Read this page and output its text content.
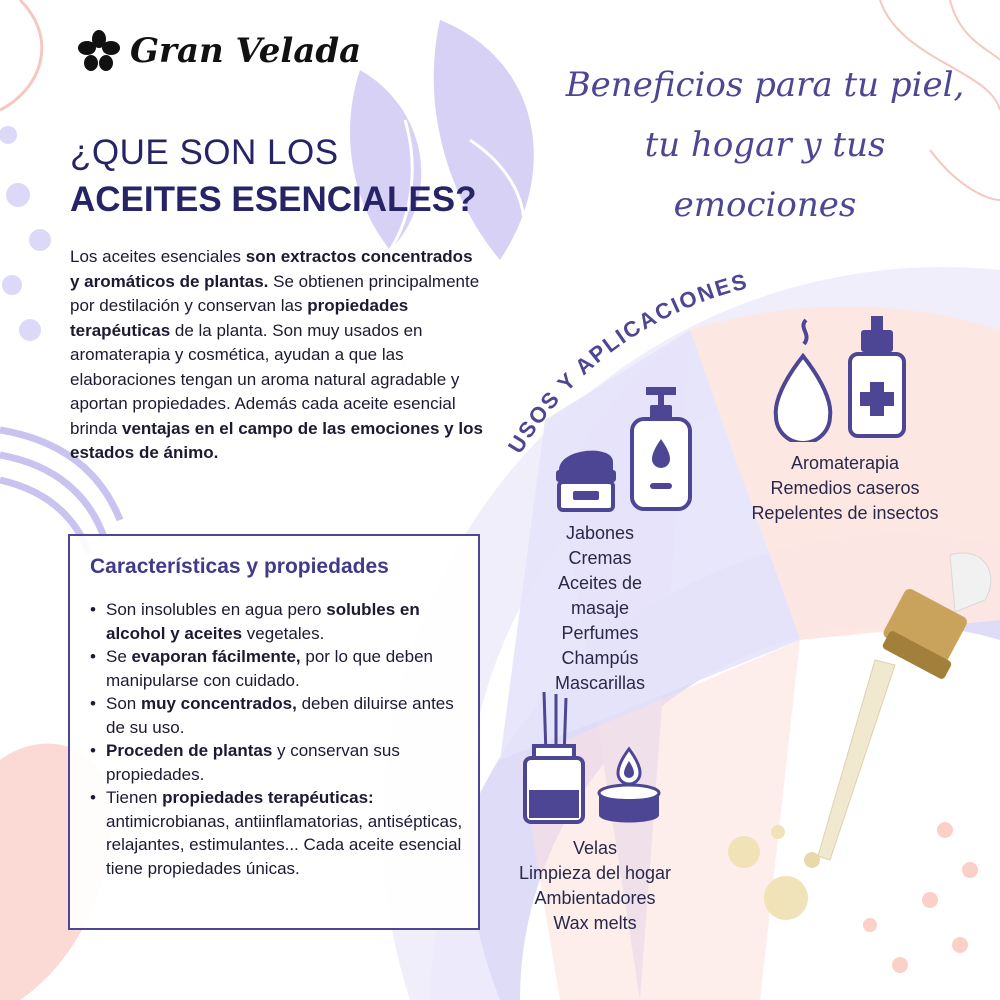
USOS Y APLICACIONES
Gran Velada
Beneficios para tu piel,
tu hogar y tus emociones
¿QUE SON LOS
ACEITES ESENCIALES?
Los aceites esenciales son extractos concentrados y aromáticos de plantas. Se obtienen principalmente por destilación y conservan las propiedades terapéuticas de la planta. Son muy usados en aromaterapia y cosmética, ayudan a que las elaboraciones tengan un aroma natural agradable y aportan propiedades. Además cada aceite esencial brinda ventajas en el campo de las emociones y los estados de ánimo.
Características y propiedades
• Son insolubles en agua pero solubles en alcohol y aceites vegetales.
• Se evaporan fácilmente, por lo que deben manipularse con cuidado.
• Son muy concentrados, deben diluirse antes de su uso.
• Proceden de plantas y conservan sus propiedades.
• Tienen propiedades terapéuticas: antimicrobianas, antiinflamatorias, antisépticas, relajantes, estimulantes... Cada aceite esencial tiene propiedades únicas.
Jabones
Cremas
Aceites de
masaje
Perfumes
Champús
Mascarillas
Aromaterapia
Remedios caseros
Repelentes de insectos
Velas
Limpieza del hogar
Ambientadores
Wax melts
